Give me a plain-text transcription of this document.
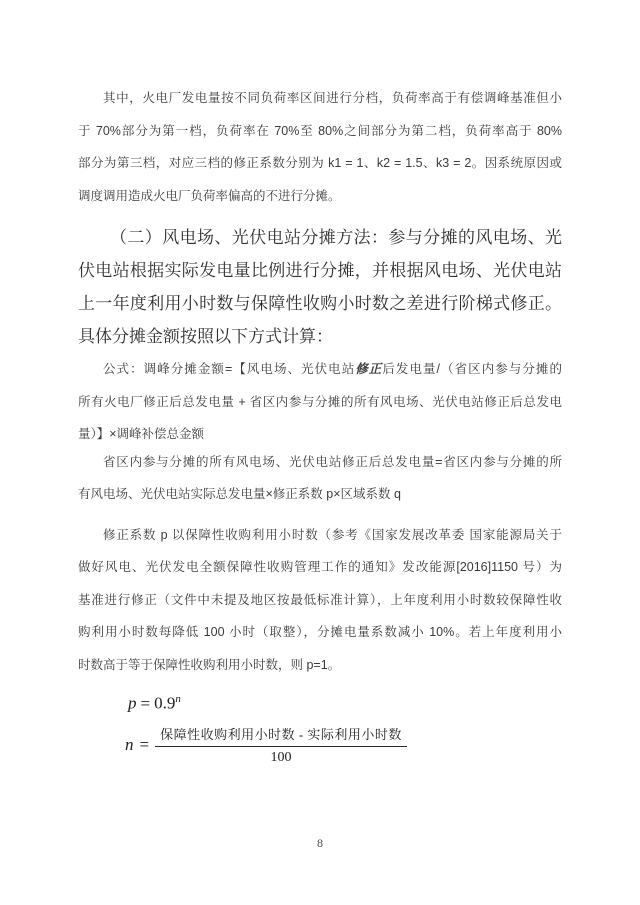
其中，火电厂发电量按不同负荷率区间进行分档，负荷率高于有偿调峰基准但小
于 70%部分为第一档，负荷率在 70%至 80%之间部分为第二档，负荷率高于 80%
部分为第三档，对应三档的修正系数分别为 k1 = 1、k2 = 1.5、k3 = 2。因系统原因或
调度调用造成火电厂负荷率偏高的不进行分摊。
（二）风电场、光伏电站分摊方法：参与分摊的风电场、光
伏电站根据实际发电量比例进行分摊，并根据风电场、光伏电站
上一年度利用小时数与保障性收购小时数之差进行阶梯式修正。
具体分摊金额按照以下方式计算：
公式：调峰分摊金额=【风电场、光伏电站修正后发电量/（省区内参与分摊的
所有火电厂修正后总发电量 + 省区内参与分摊的所有风电场、光伏电站修正后总发电
量）】×调峰补偿总金额
省区内参与分摊的所有风电场、光伏电站修正后总发电量=省区内参与分摊的所
有风电场、光伏电站实际总发电量×修正系数 p×区域系数 q
修正系数 p 以保障性收购利用小时数（参考《国家发展改革委 国家能源局关于
做好风电、光伏发电全额保障性收购管理工作的通知》发改能源[2016]1150 号）为
基准进行修正（文件中未提及地区按最低标准计算），上年度利用小时数较保障性收
购利用小时数每降低 100 小时（取整），分摊电量系数减小 10%。若上年度利用小
时数高于等于保障性收购利用小时数，则 p=1。
$p = 0.9^n$
$n = \frac{\text{保障性收购利用小时数 - 实际利用小时数}}{100}$
8
